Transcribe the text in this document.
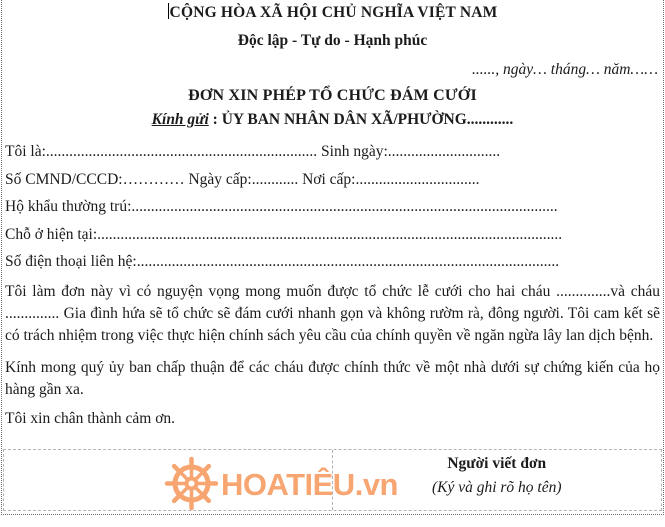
CỘNG HÒA XÃ HỘI CHỦ NGHĨA VIỆT NAM
Độc lập - Tự do - Hạnh phúc
......, ngày… tháng… năm……
ĐƠN XIN PHÉP TỔ CHỨC ĐÁM CƯỚI
Kính gửi : ỦY BAN NHÂN DÂN XÃ/PHƯỜNG............
Tôi là:...................................................................... Sinh ngày:.............................
Số CMND/CCCD:………… Ngày cấp:............ Nơi cấp:................................
Hộ khẩu thường trú:..............................................................................................................
Chỗ ở hiện tại:........................................................................................................................
Số điện thoại liên hệ:.............................................................................................................

Tôi làm đơn này vì có nguyện vọng mong muốn được tổ chức lễ cưới cho hai cháu ..............và cháu .............. Gia đình hứa sẽ tổ chức sẽ đám cưới nhanh gọn và không rườm rà, đông người. Tôi cam kết sẽ có trách nhiệm trong việc thực hiện chính sách yêu cầu của chính quyền về ngăn ngừa lây lan dịch bệnh.

Kính mong quý ủy ban chấp thuận để các cháu được chính thức về một nhà dưới sự chứng kiến của họ hàng gần xa.

Tôi xin chân thành cảm ơn.

Người viết đơn
(Ký và ghi rõ họ tên)
HOATIÊU.vn
